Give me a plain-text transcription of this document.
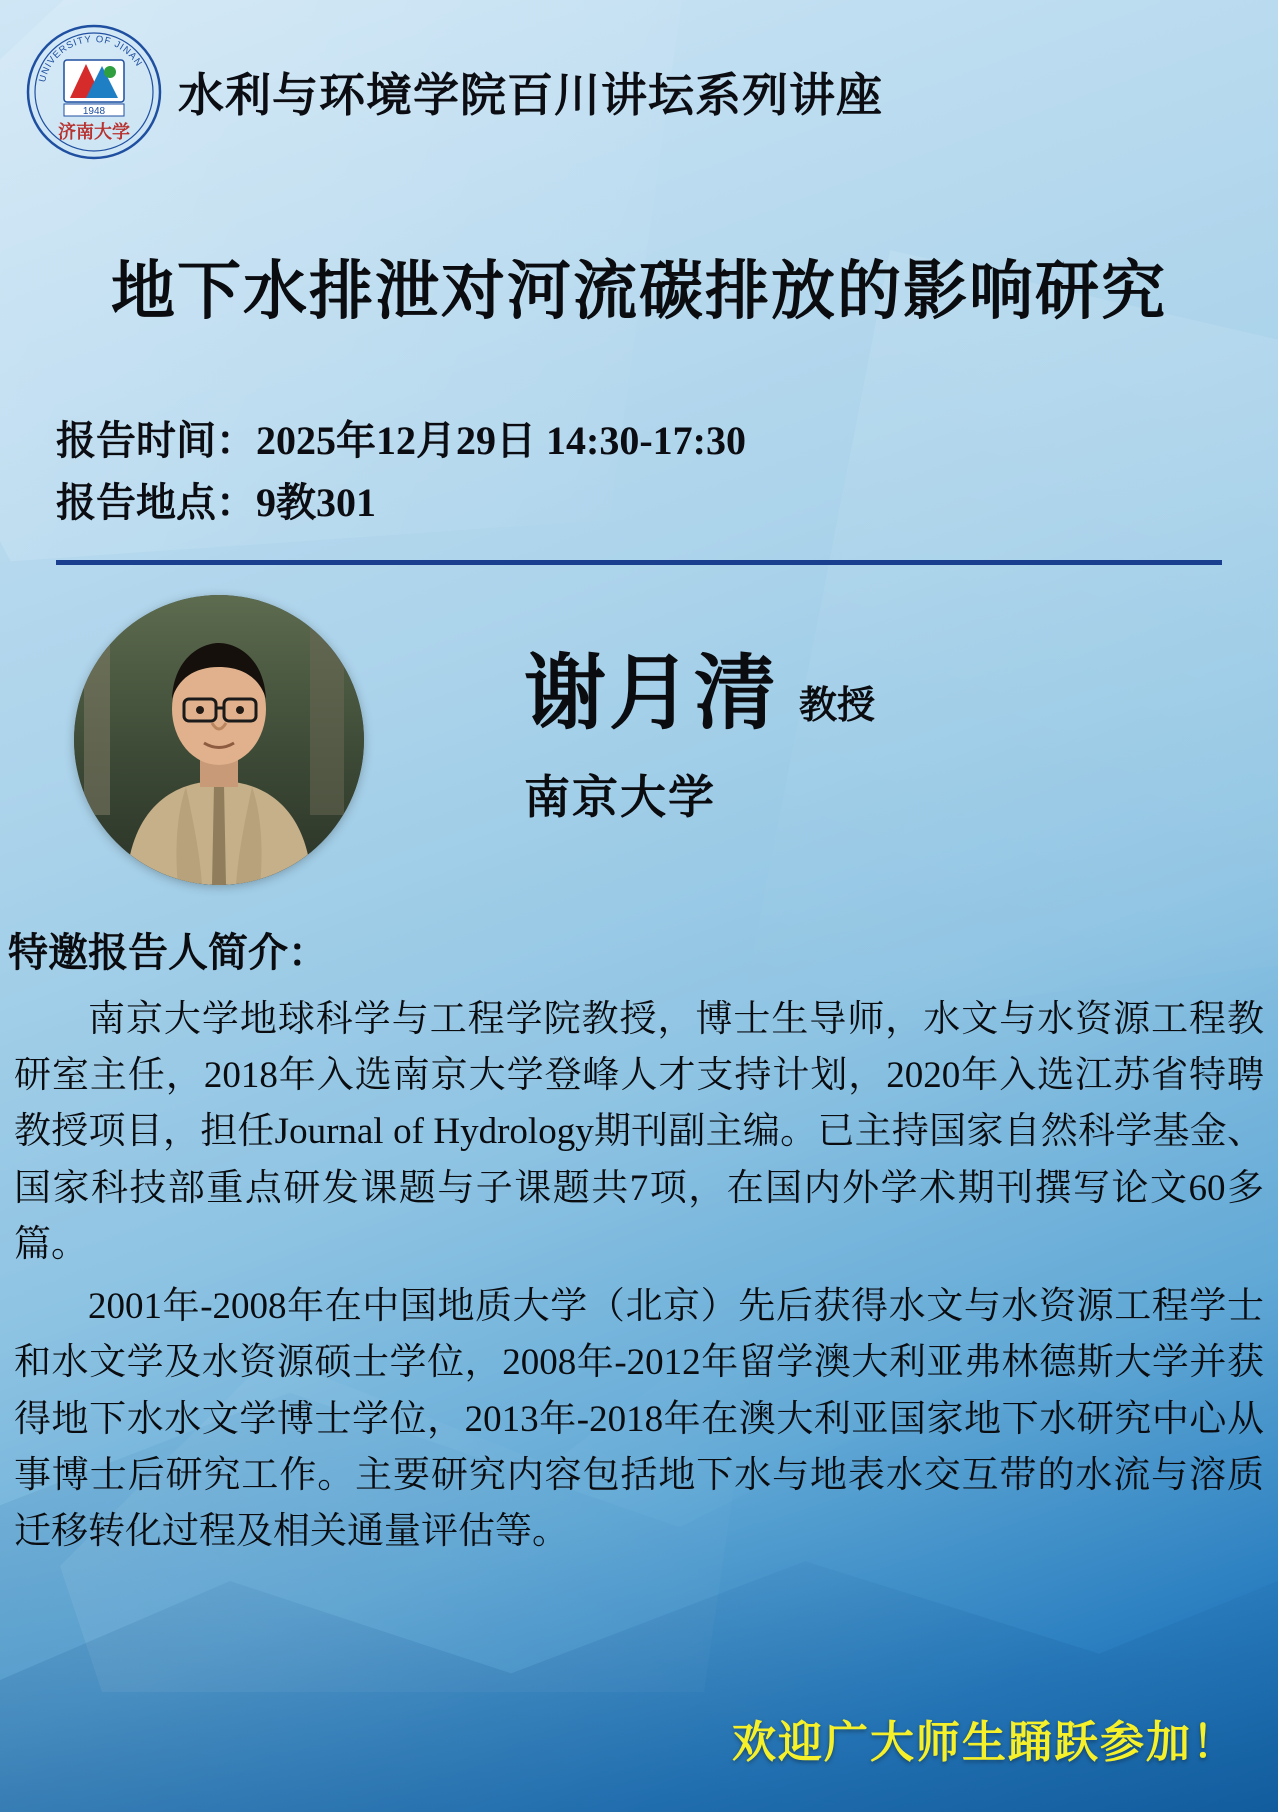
UNIVERSITY OF JINAN
1948
济南大学
水利与环境学院百川讲坛系列讲座
地下水排泄对河流碳排放的影响研究
报告时间：2025年12月29日 14:30-17:30
报告地点：9教301
谢月清 教授
南京大学
特邀报告人简介：

南京大学地球科学与工程学院教授，博士生导师，水文与水资源工程教研室主任，2018年入选南京大学登峰人才支持计划，2020年入选江苏省特聘教授项目，担任Journal of Hydrology期刊副主编。已主持国家自然科学基金、国家科技部重点研发课题与子课题共7项，在国内外学术期刊撰写论文60多篇。

2001年-2008年在中国地质大学（北京）先后获得水文与水资源工程学士和水文学及水资源硕士学位，2008年-2012年留学澳大利亚弗林德斯大学并获得地下水水文学博士学位，2013年-2018年在澳大利亚国家地下水研究中心从事博士后研究工作。主要研究内容包括地下水与地表水交互带的水流与溶质迁移转化过程及相关通量评估等。

欢迎广大师生踊跃参加！
